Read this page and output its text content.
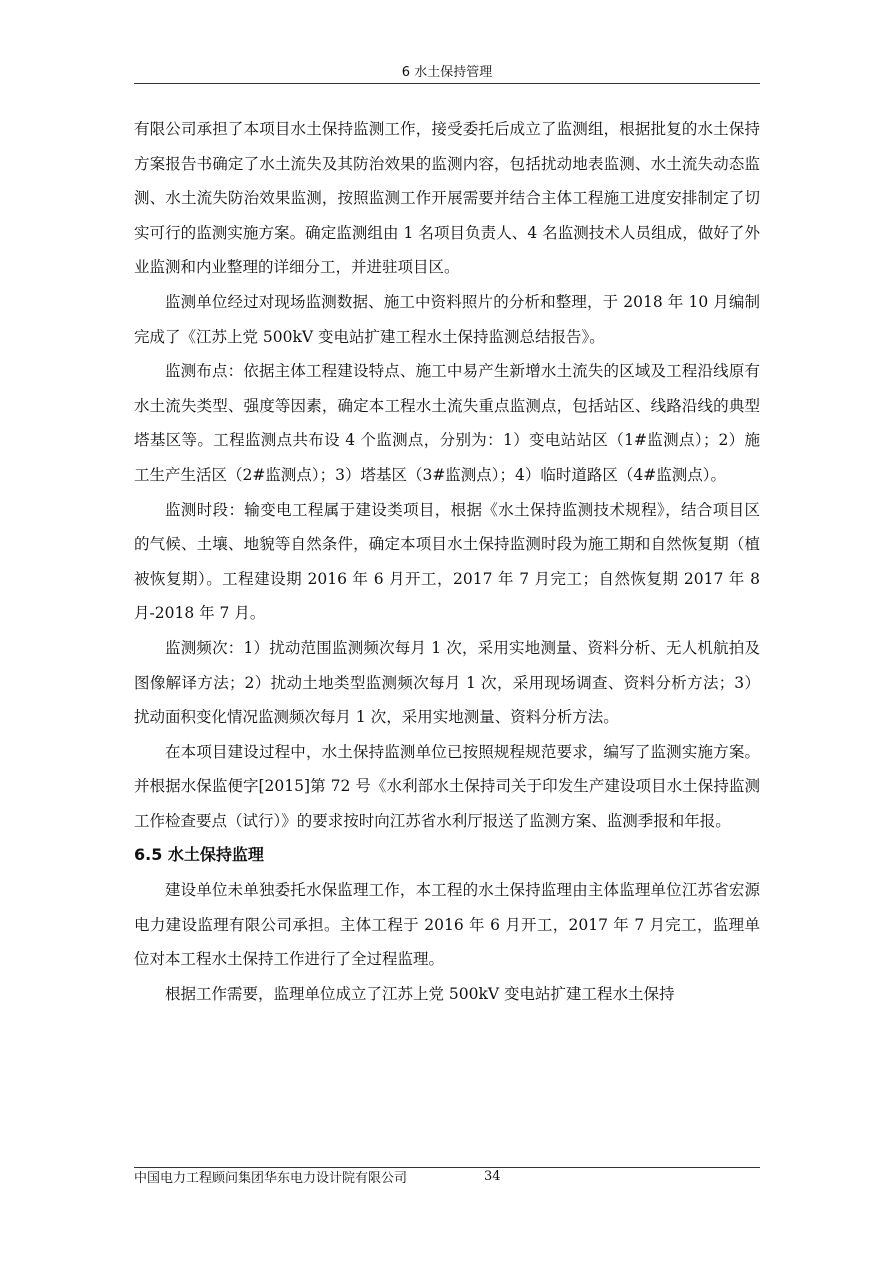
6 水土保持管理

有限公司承担了本项目水土保持监测工作，接受委托后成立了监测组，根据批复的水土保持方案报告书确定了水土流失及其防治效果的监测内容，包括扰动地表监测、水土流失动态监测、水土流失防治效果监测，按照监测工作开展需要并结合主体工程施工进度安排制定了切实可行的监测实施方案。确定监测组由 1 名项目负责人、4 名监测技术人员组成，做好了外业监测和内业整理的详细分工，并进驻项目区。

监测单位经过对现场监测数据、施工中资料照片的分析和整理，于 2018 年 10 月编制完成了《江苏上党 500kV 变电站扩建工程水土保持监测总结报告》。

监测布点：依据主体工程建设特点、施工中易产生新增水土流失的区域及工程沿线原有水土流失类型、强度等因素，确定本工程水土流失重点监测点，包括站区、线路沿线的典型塔基区等。工程监测点共布设 4 个监测点，分别为：1）变电站站区（1#监测点）；2）施工生产生活区（2#监测点）；3）塔基区（3#监测点）；4）临时道路区（4#监测点）。

监测时段：输变电工程属于建设类项目，根据《水土保持监测技术规程》，结合项目区的气候、土壤、地貌等自然条件，确定本项目水土保持监测时段为施工期和自然恢复期（植被恢复期）。工程建设期 2016 年 6 月开工，2017 年 7 月完工；自然恢复期 2017 年 8 月-2018 年 7 月。

监测频次：1）扰动范围监测频次每月 1 次，采用实地测量、资料分析、无人机航拍及图像解译方法；2）扰动土地类型监测频次每月 1 次，采用现场调查、资料分析方法；3）扰动面积变化情况监测频次每月 1 次，采用实地测量、资料分析方法。

在本项目建设过程中，水土保持监测单位已按照规程规范要求，编写了监测实施方案。并根据水保监便字[2015]第 72 号《水利部水土保持司关于印发生产建设项目水土保持监测工作检查要点（试行）》的要求按时向江苏省水利厅报送了监测方案、监测季报和年报。

6.5 水土保持监理

建设单位未单独委托水保监理工作，本工程的水土保持监理由主体监理单位江苏省宏源电力建设监理有限公司承担。主体工程于 2016 年 6 月开工，2017 年 7 月完工，监理单位对本工程水土保持工作进行了全过程监理。

根据工作需要，监理单位成立了江苏上党 500kV 变电站扩建工程水土保持

中国电力工程顾问集团华东电力设计院有限公司	34
